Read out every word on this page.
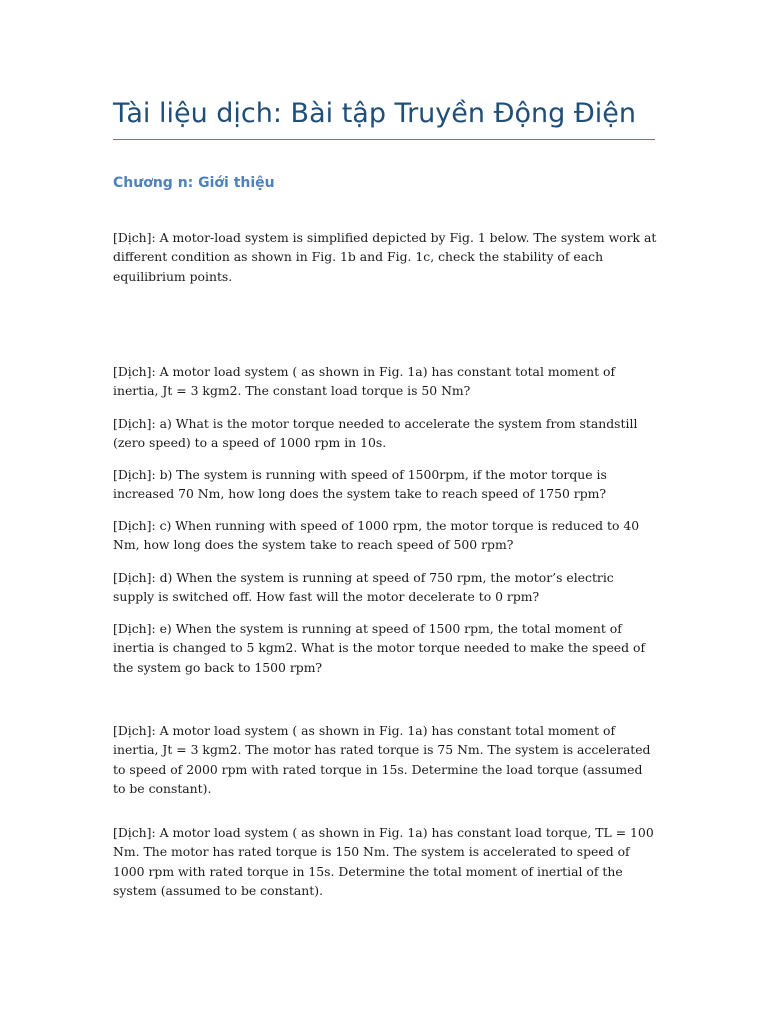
Tài liệu dịch: Bài tập Truyền Động Điện
Chương n: Giới thiệu

[Dịch]: A motor-load system is simplified depicted by Fig. 1 below. The system work at different condition as shown in Fig. 1b and Fig. 1c, check the stability of each equilibrium points.

[Dịch]: A motor load system ( as shown in Fig. 1a) has constant total moment of inertia, Jt = 3 kgm2. The constant load torque is 50 Nm?

[Dịch]: a) What is the motor torque needed to accelerate the system from standstill (zero speed) to a speed of 1000 rpm in 10s.

[Dịch]: b) The system is running with speed of 1500rpm, if the motor torque is increased 70 Nm, how long does the system take to reach speed of 1750 rpm?

[Dịch]: c) When running with speed of 1000 rpm, the motor torque is reduced to 40 Nm, how long does the system take to reach speed of 500 rpm?

[Dịch]: d) When the system is running at speed of 750 rpm, the motor’s electric supply is switched off. How fast will the motor decelerate to 0 rpm?

[Dịch]: e) When the system is running at speed of 1500 rpm, the total moment of inertia is changed to 5 kgm2. What is the motor torque needed to make the speed of the system go back to 1500 rpm?

[Dịch]: A motor load system ( as shown in Fig. 1a) has constant total moment of inertia, Jt = 3 kgm2. The motor has rated torque is 75 Nm. The system is accelerated to speed of 2000 rpm with rated torque in 15s. Determine the load torque (assumed to be constant).

[Dịch]: A motor load system ( as shown in Fig. 1a) has constant load torque, TL = 100 Nm. The motor has rated torque is 150 Nm. The system is accelerated to speed of 1000 rpm with rated torque in 15s. Determine the total moment of inertial of the system (assumed to be constant).
